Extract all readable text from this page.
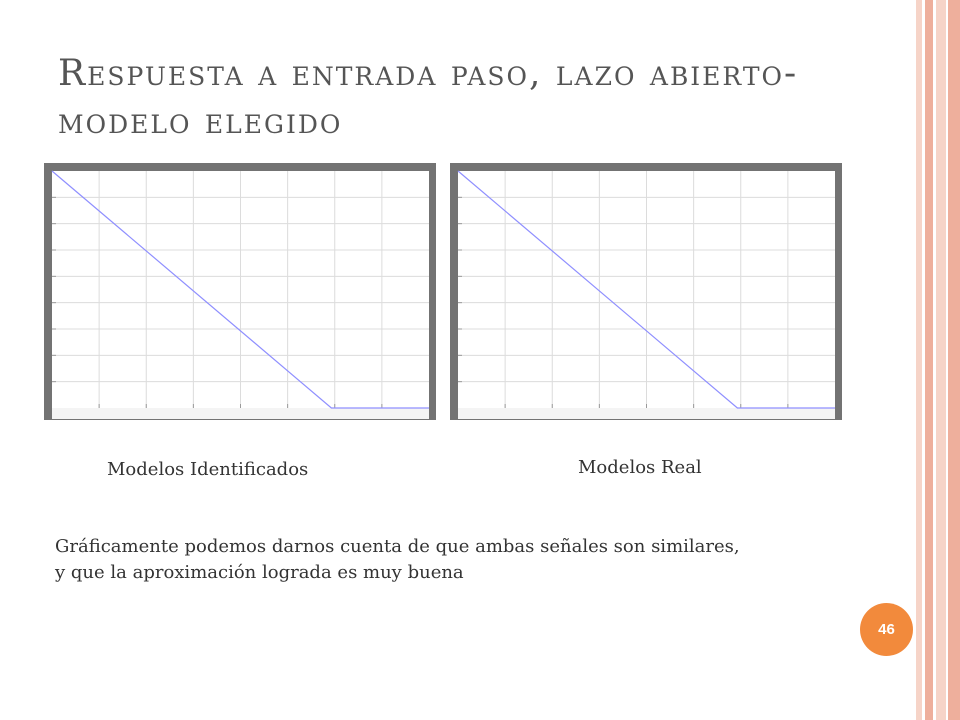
Respuesta a entrada paso, lazo abierto- modelo elegido

Modelos Identificados	Modelos Real

Gráficamente podemos darnos cuenta de que ambas señales son similares,

y que la aproximación lograda es muy buena

46
